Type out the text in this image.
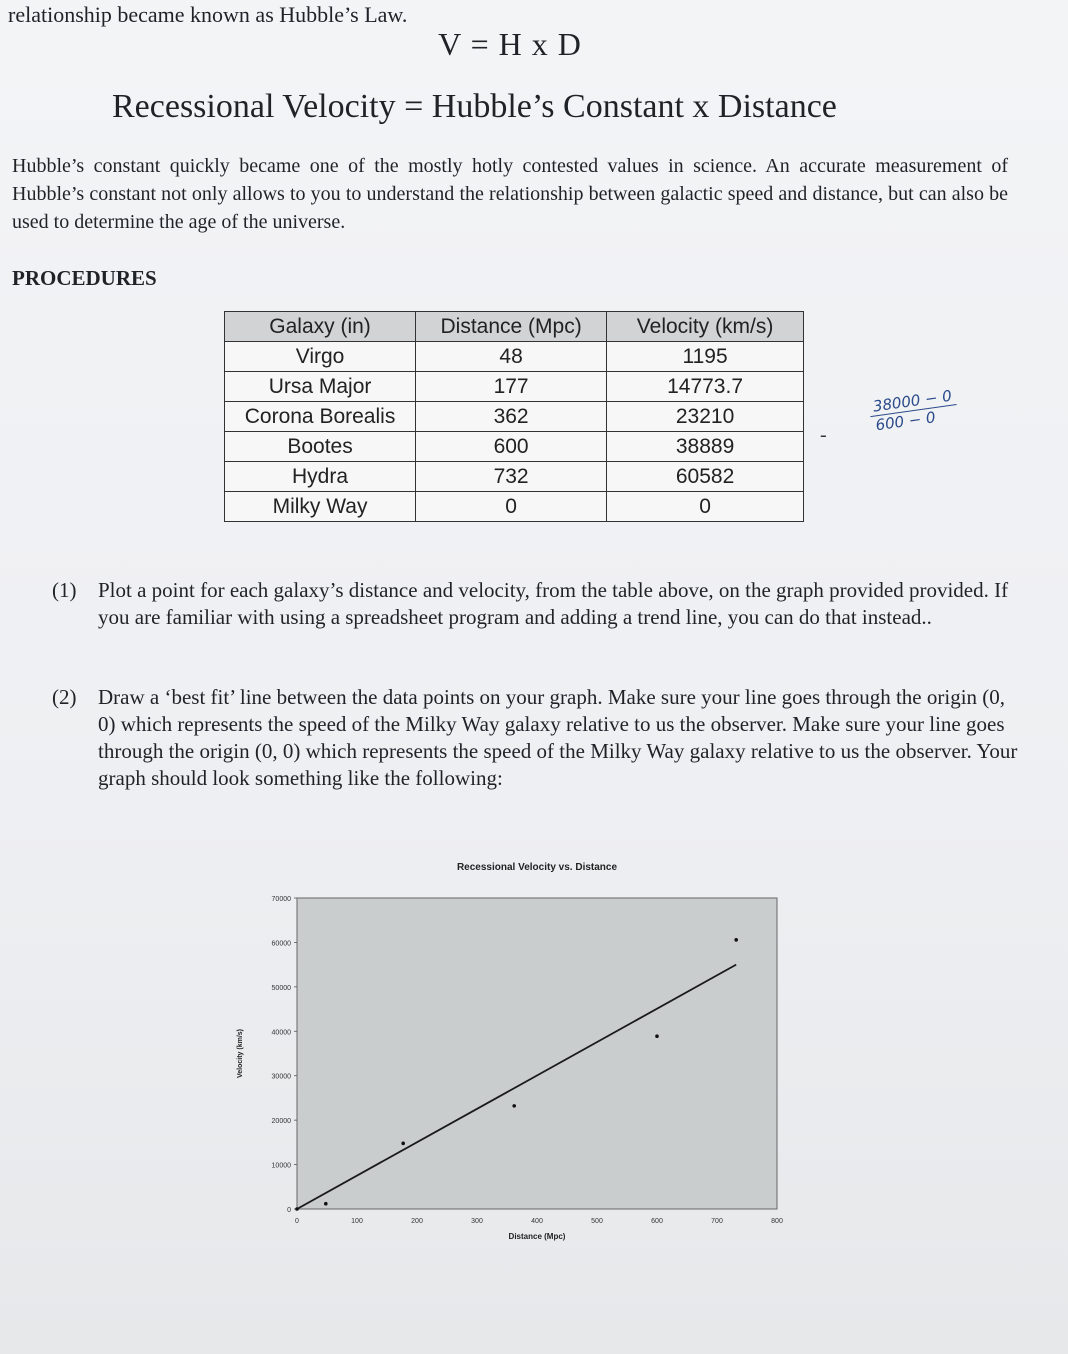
relationship became known as Hubble’s Law.
V = H x D
Recessional Velocity = Hubble’s Constant x Distance
Hubble’s constant quickly became one of the mostly hotly contested values in science. An accurate measurement of Hubble’s constant not only allows to you to understand the relationship between galactic speed and distance, but can also be used to determine the age of the universe.
PROCEDURES
Galaxy (in)	Distance (Mpc)	Velocity (km/s)
Virgo	48	1195
Ursa Major	177	14773.7
Corona Borealis	362	23210
Bootes	600	38889
Hydra	732	60582
Milky Way	0	0
-
38000 − 0
600 − 0
(1) Plot a point for each galaxy’s distance and velocity, from the table above, on the graph provided provided. If you are familiar with using a spreadsheet program and adding a trend line, you can do that instead..
(2) Draw a ‘best fit’ line between the data points on your graph. Make sure your line goes through the origin (0, 0) which represents the speed of the Milky Way galaxy relative to us the observer. Make sure your line goes through the origin (0, 0) which represents the speed of the Milky Way galaxy relative to us the observer. Your graph should look something like the following:
Recessional Velocity vs. Distance
0
10000
20000
30000
40000
50000
60000
70000
0	100	200	300	400	500	600	700	800
Distance (Mpc)
Velocity (km/s)
